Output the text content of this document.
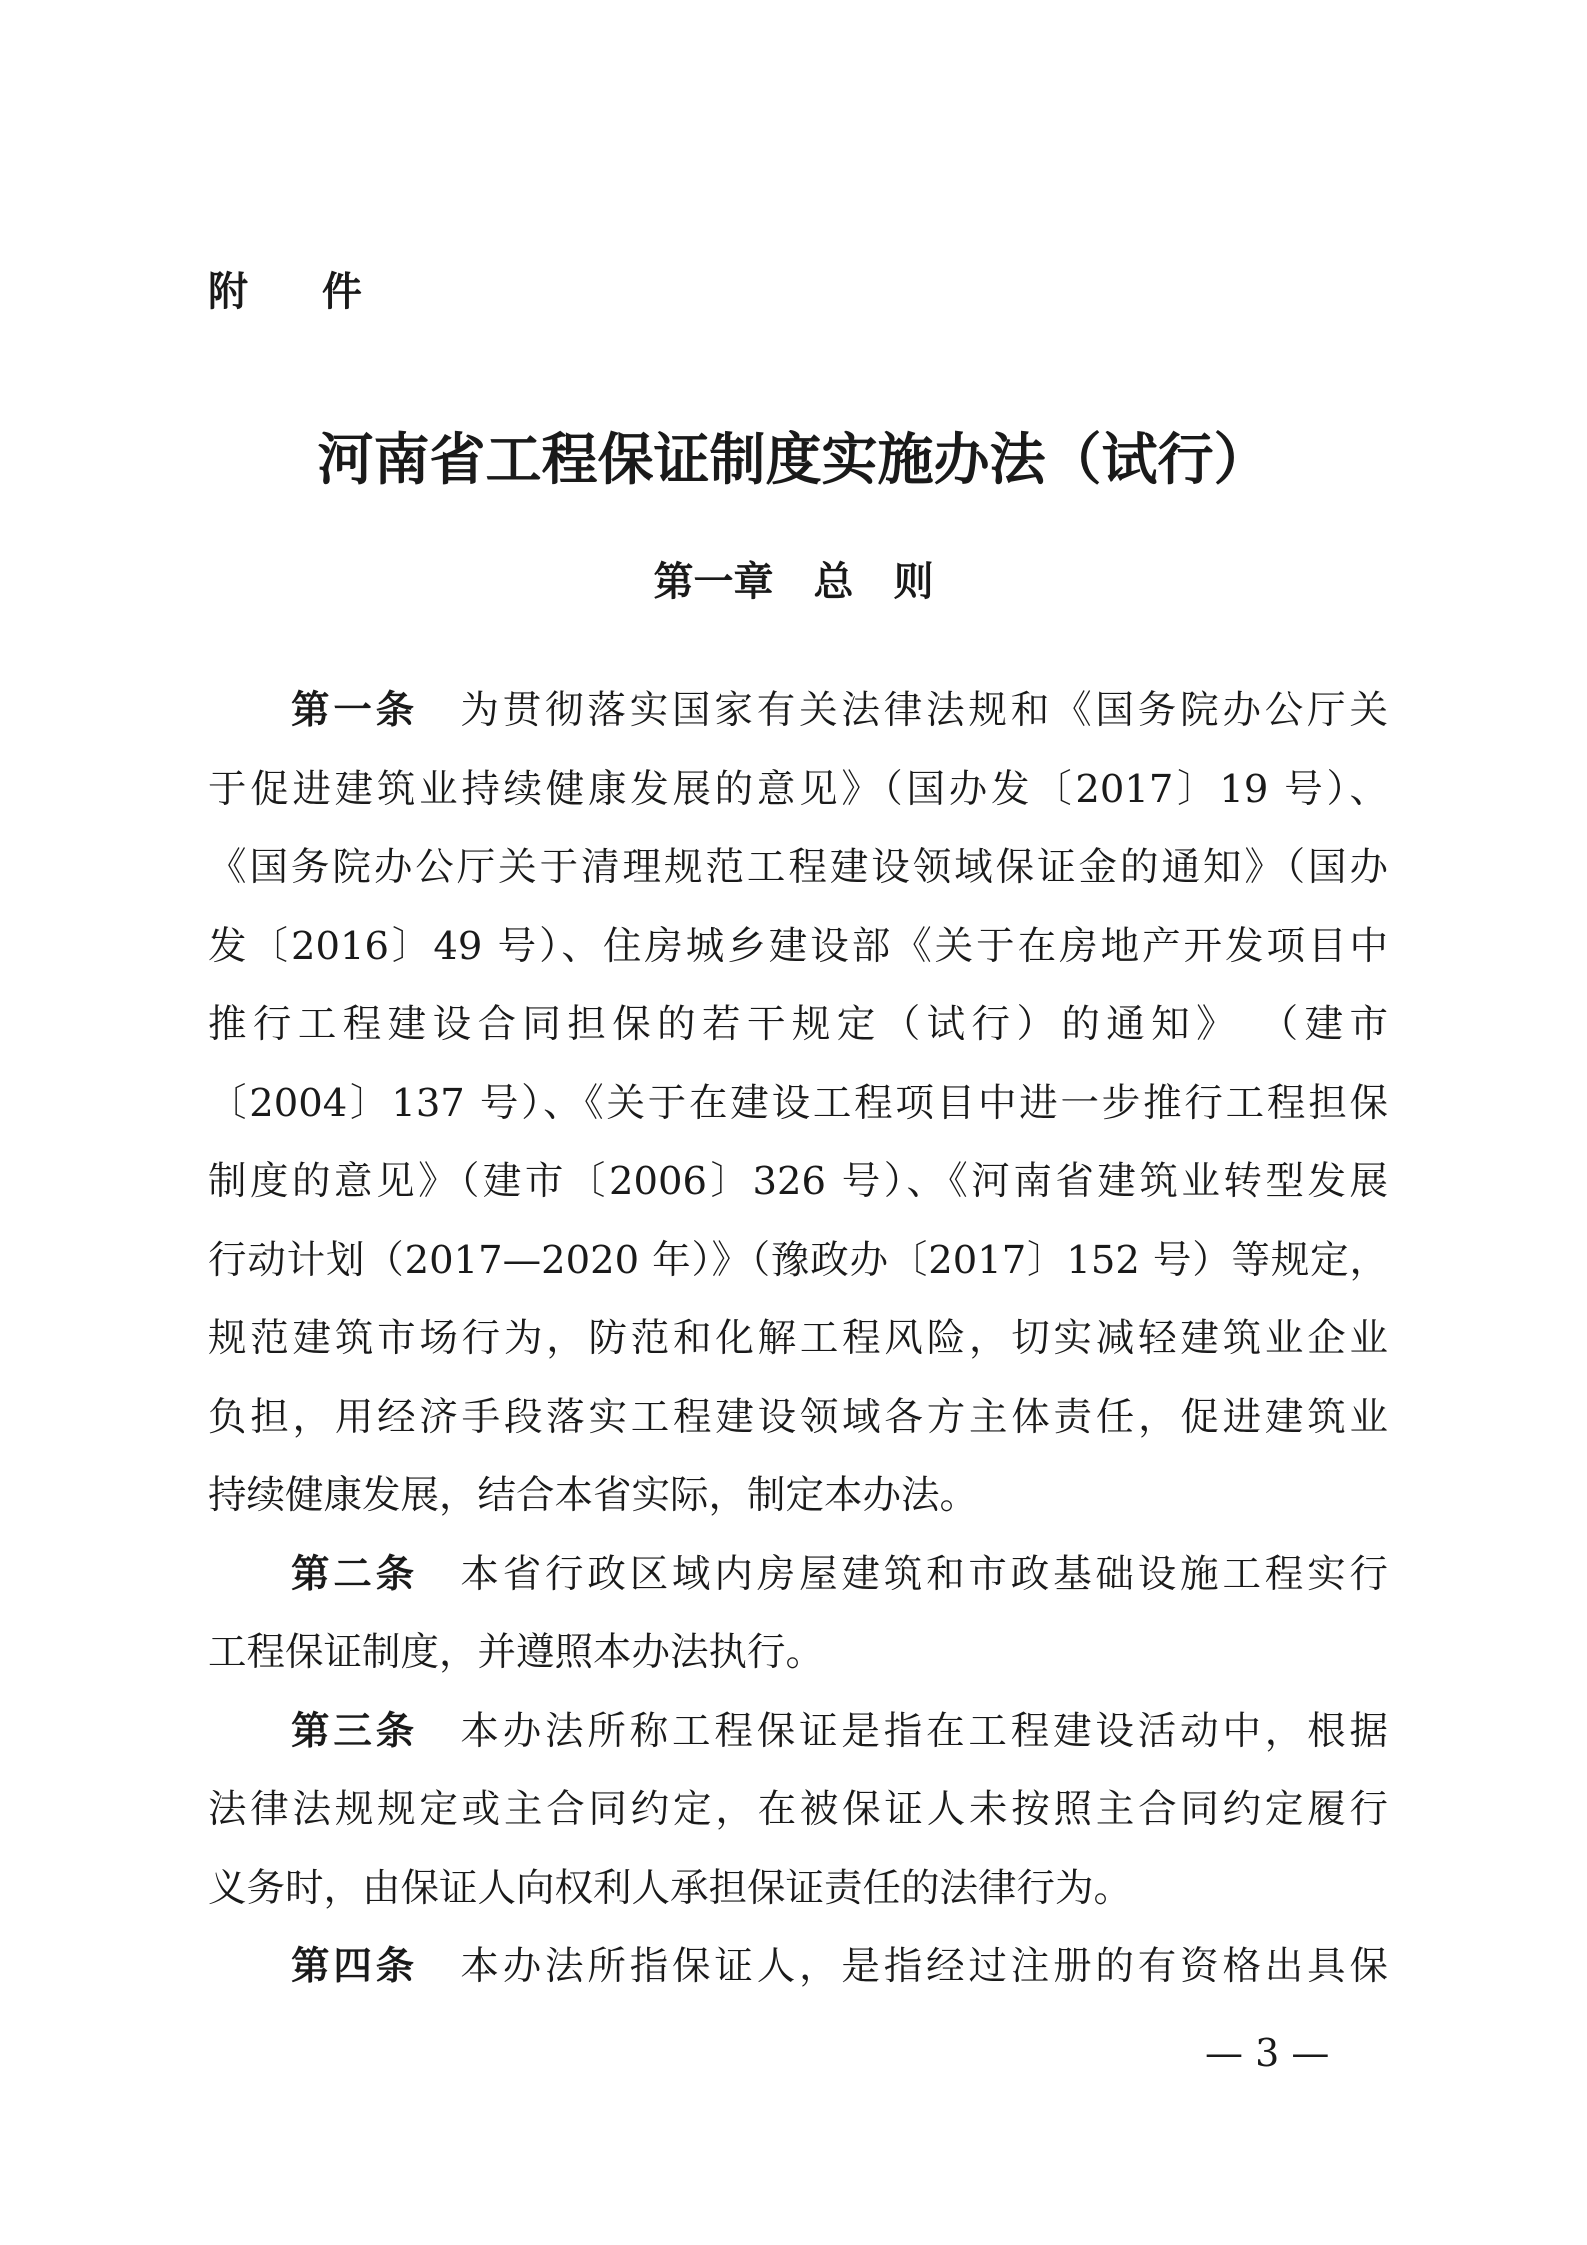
附 件
河南省工程保证制度实施办法（试行）
第一章　总　则
第一条　 为贯彻落实国家有关法律法规和《国务院办公厅关
于促进建筑业持续健康发展的意见》（国办发〔2017〕19 号）、
《国务院办公厅关于清理规范工程建设领域保证金的通知》（国办
发〔2016〕49 号）、住房城乡建设部《关于在房地产开发项目中
推行工程建设合同担保的若干规定（试行）的通知》 （建市
〔2004〕137 号）、《关于在建设工程项目中进一步推行工程担保
制度的意见》（建市〔2006〕326 号）、《河南省建筑业转型发展
行动计划（2017—2020 年）》（豫政办〔2017〕152 号）等规定，
规范建筑市场行为，防范和化解工程风险，切实减轻建筑业企业
负担，用经济手段落实工程建设领域各方主体责任，促进建筑业
持续健康发展，结合本省实际，制定本办法。
第二条　 本省行政区域内房屋建筑和市政基础设施工程实行
工程保证制度，并遵照本办法执行。
第三条　 本办法所称工程保证是指在工程建设活动中，根据
法律法规规定或主合同约定，在被保证人未按照主合同约定履行
义务时，由保证人向权利人承担保证责任的法律行为。
第四条　 本办法所指保证人，是指经过注册的有资格出具保
— 3 —
